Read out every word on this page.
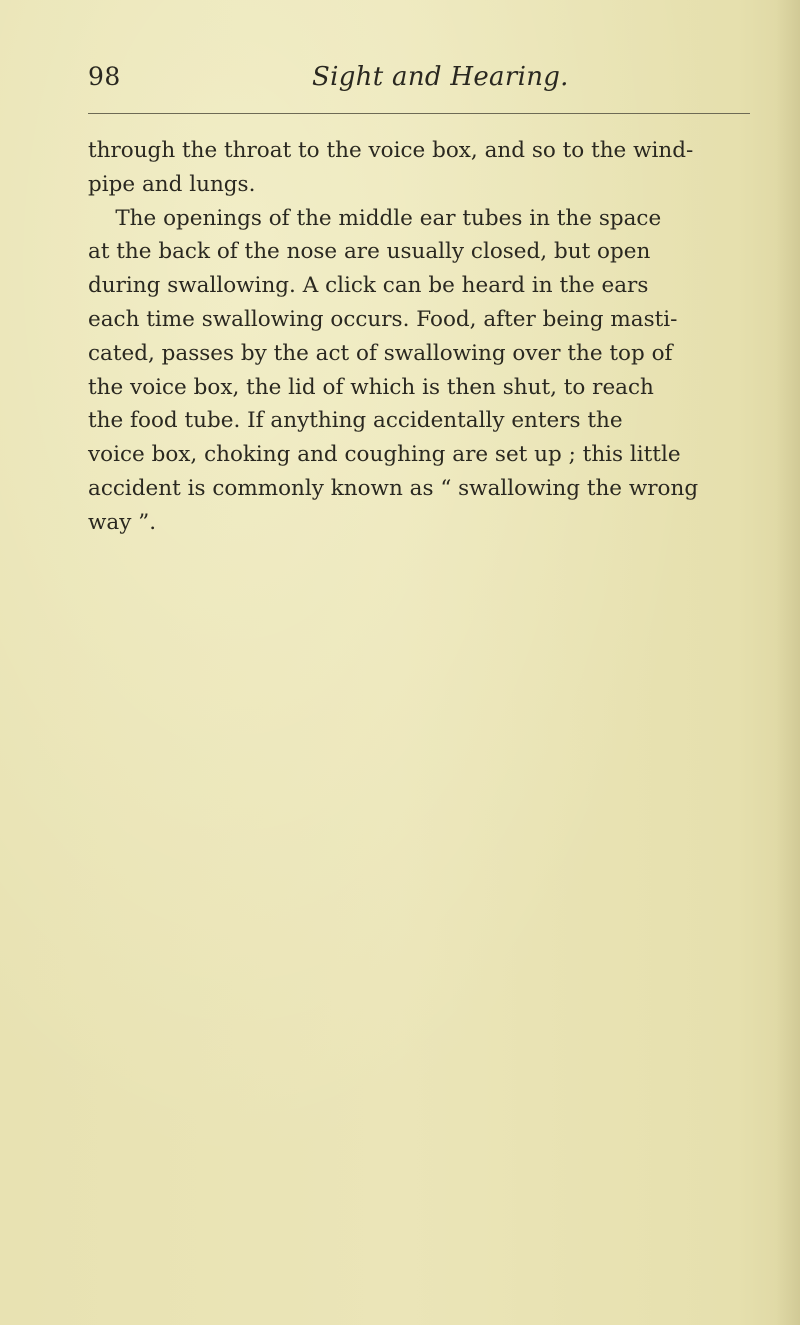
98	Sight and Hearing.
through the throat to the voice box, and so to the wind-
pipe and lungs.
The openings of the middle ear tubes in the space
at the back of the nose are usually closed, but open
during swallowing. A click can be heard in the ears
each time swallowing occurs. Food, after being masti-
cated, passes by the act of swallowing over the top of
the voice box, the lid of which is then shut, to reach
the food tube. If anything accidentally enters the
voice box, choking and coughing are set up ; this little
accident is commonly known as “ swallowing the wrong
way ”.
